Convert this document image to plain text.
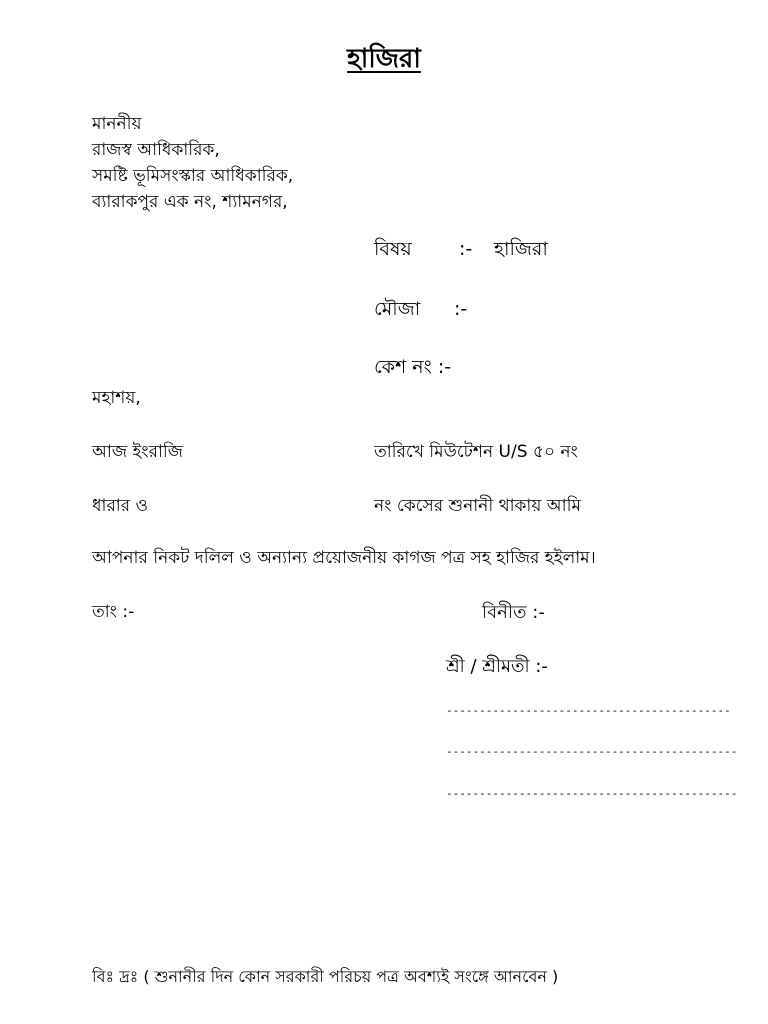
হাজিরা
মাননীয়
রাজস্ব আধিকারিক,
সমষ্টি ভূমিসংস্কার আধিকারিক,
ব্যারাকপুর এক নং, শ্যামনগর,
বিষয় :- হাজিরা
মৌজা :-
কেশ নং :-
মহাশয়,
আজ ইংরাজি	তারিখে মিউটেশন U/S ৫০ নং
ধারার ও	নং কেসের শুনানী থাকায় আমি
আপনার নিকট দলিল ও অন্যান্য প্রয়োজনীয় কাগজ পত্র সহ হাজির হইলাম।
তাং :-	বিনীত :-
শ্রী / শ্রীমতী :-
-------------------------------------------
--------------------------------------------
--------------------------------------------
বিঃ দ্রঃ ( শুনানীর দিন কোন সরকারী পরিচয় পত্র অবশ্যই সংঙ্গে আনবেন )
